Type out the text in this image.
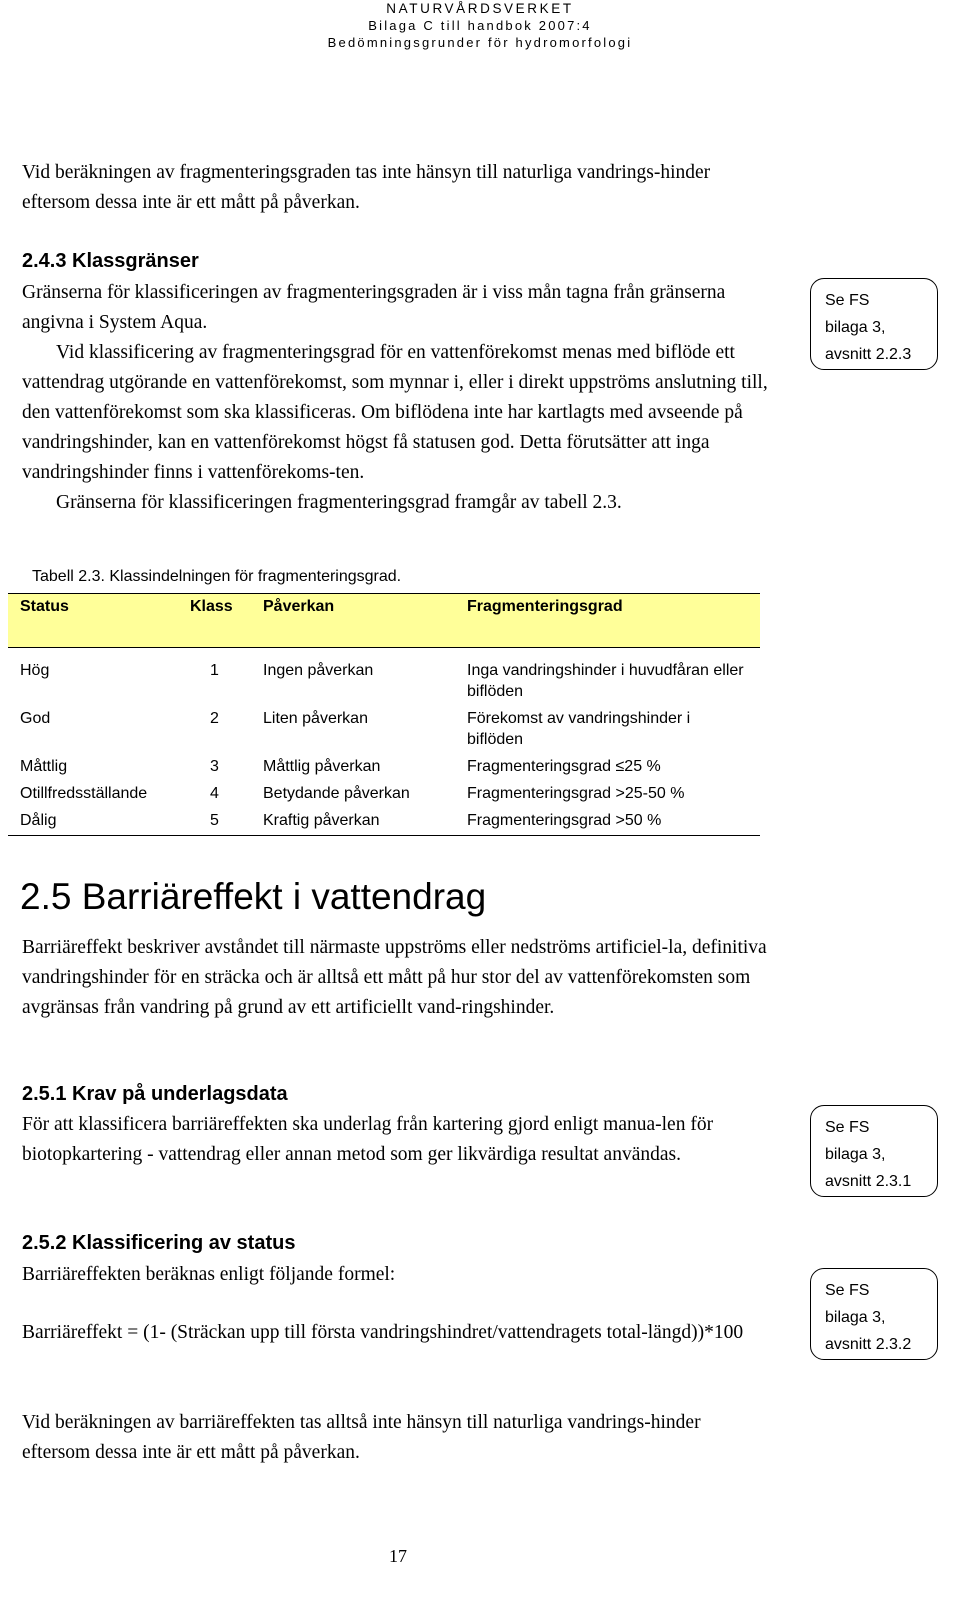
NATURVÅRDSVERKET
Bilaga C till handbok 2007:4
Bedömningsgrunder för hydromorfologi
Vid beräkningen av fragmenteringsgraden tas inte hänsyn till naturliga vandrings-hinder eftersom dessa inte är ett mått på påverkan.
2.4.3 Klassgränser
Gränserna för klassificeringen av fragmenteringsgraden är i viss mån tagna från gränserna angivna i System Aqua.
Vid klassificering av fragmenteringsgrad för en vattenförekomst menas med biflöde ett vattendrag utgörande en vattenförekomst, som mynnar i, eller i direkt uppströms anslutning till, den vattenförekomst som ska klassificeras. Om biflödena inte har kartlagts med avseende på vandringshinder, kan en vattenförekomst högst få statusen god. Detta förutsätter att inga vandringshinder finns i vattenförekoms-ten.
Gränserna för klassificeringen fragmenteringsgrad framgår av tabell 2.3.
Se FS
bilaga 3,
avsnitt 2.2.3
Tabell 2.3. Klassindelningen för fragmenteringsgrad.
Status	Klass	Påverkan	Fragmenteringsgrad
Hög	1	Ingen påverkan	Inga vandringshinder i huvudfåran eller biflöden
God	2	Liten påverkan	Förekomst av vandringshinder i biflöden
Måttlig	3	Måttlig påverkan	Fragmenteringsgrad ≤25 %
Otillfredsställande	4	Betydande påverkan	Fragmenteringsgrad >25-50 %
Dålig	5	Kraftig påverkan	Fragmenteringsgrad >50 %
2.5 Barriäreffekt i vattendrag
Barriäreffekt beskriver avståndet till närmaste uppströms eller nedströms artificiel-la, definitiva vandringshinder för en sträcka och är alltså ett mått på hur stor del av vattenförekomsten som avgränsas från vandring på grund av ett artificiellt vand-ringshinder.
2.5.1 Krav på underlagsdata
För att klassificera barriäreffekten ska underlag från kartering gjord enligt manua-len för biotopkartering - vattendrag eller annan metod som ger likvärdiga resultat användas.
Se FS
bilaga 3,
avsnitt 2.3.1
2.5.2 Klassificering av status
Barriäreffekten beräknas enligt följande formel:
Barriäreffekt = (1- (Sträckan upp till första vandringshindret/vattendragets total-längd))*100
Vid beräkningen av barriäreffekten tas alltså inte hänsyn till naturliga vandrings-hinder eftersom dessa inte är ett mått på påverkan.
Se FS
bilaga 3,
avsnitt 2.3.2
17
